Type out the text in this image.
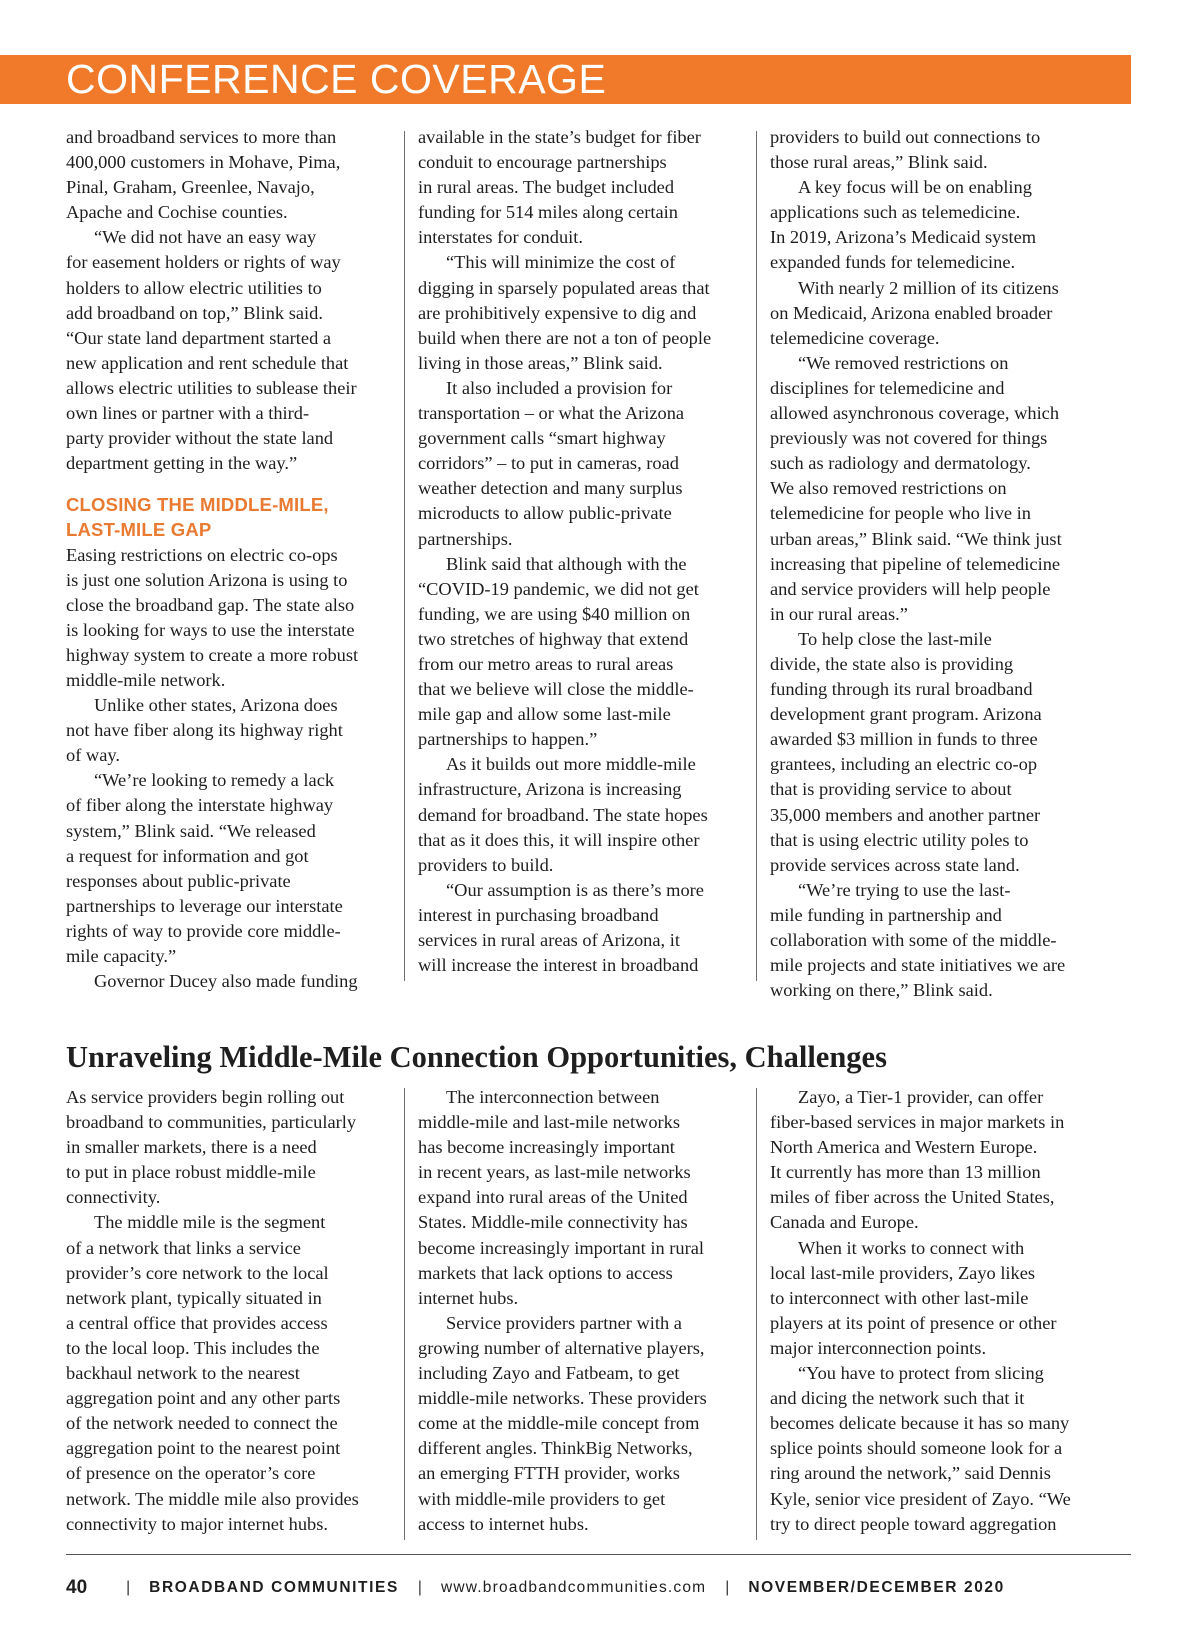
CONFERENCE COVERAGE
and broadband services to more than
400,000 customers in Mohave, Pima,
Pinal, Graham, Greenlee, Navajo,
Apache and Cochise counties.
“We did not have an easy way
for easement holders or rights of way
holders to allow electric utilities to
add broadband on top,” Blink said.
“Our state land department started a
new application and rent schedule that
allows electric utilities to sublease their
own lines or partner with a third-
party provider without the state land
department getting in the way.”
CLOSING THE MIDDLE-MILE,
LAST-MILE GAP
Easing restrictions on electric co-ops
is just one solution Arizona is using to
close the broadband gap. The state also
is looking for ways to use the interstate
highway system to create a more robust
middle-mile network.
Unlike other states, Arizona does
not have fiber along its highway right
of way.
“We’re looking to remedy a lack
of fiber along the interstate highway
system,” Blink said. “We released
a request for information and got
responses about public-private
partnerships to leverage our interstate
rights of way to provide core middle-
mile capacity.”
Governor Ducey also made funding
available in the state’s budget for fiber
conduit to encourage partnerships
in rural areas. The budget included
funding for 514 miles along certain
interstates for conduit.
“This will minimize the cost of
digging in sparsely populated areas that
are prohibitively expensive to dig and
build when there are not a ton of people
living in those areas,” Blink said.
It also included a provision for
transportation – or what the Arizona
government calls “smart highway
corridors” – to put in cameras, road
weather detection and many surplus
microducts to allow public-private
partnerships.
Blink said that although with the
“COVID-19 pandemic, we did not get
funding, we are using $40 million on
two stretches of highway that extend
from our metro areas to rural areas
that we believe will close the middle-
mile gap and allow some last-mile
partnerships to happen.”
As it builds out more middle-mile
infrastructure, Arizona is increasing
demand for broadband. The state hopes
that as it does this, it will inspire other
providers to build.
“Our assumption is as there’s more
interest in purchasing broadband
services in rural areas of Arizona, it
will increase the interest in broadband
providers to build out connections to
those rural areas,” Blink said.
A key focus will be on enabling
applications such as telemedicine.
In 2019, Arizona’s Medicaid system
expanded funds for telemedicine.
With nearly 2 million of its citizens
on Medicaid, Arizona enabled broader
telemedicine coverage.
“We removed restrictions on
disciplines for telemedicine and
allowed asynchronous coverage, which
previously was not covered for things
such as radiology and dermatology.
We also removed restrictions on
telemedicine for people who live in
urban areas,” Blink said. “We think just
increasing that pipeline of telemedicine
and service providers will help people
in our rural areas.”
To help close the last-mile
divide, the state also is providing
funding through its rural broadband
development grant program. Arizona
awarded $3 million in funds to three
grantees, including an electric co-op
that is providing service to about
35,000 members and another partner
that is using electric utility poles to
provide services across state land.
“We’re trying to use the last-
mile funding in partnership and
collaboration with some of the middle-
mile projects and state initiatives we are
working on there,” Blink said.
Unraveling Middle-Mile Connection Opportunities, Challenges
As service providers begin rolling out
broadband to communities, particularly
in smaller markets, there is a need
to put in place robust middle-mile
connectivity.
The middle mile is the segment
of a network that links a service
provider’s core network to the local
network plant, typically situated in
a central office that provides access
to the local loop. This includes the
backhaul network to the nearest
aggregation point and any other parts
of the network needed to connect the
aggregation point to the nearest point
of presence on the operator’s core
network. The middle mile also provides
connectivity to major internet hubs.
The interconnection between
middle-mile and last-mile networks
has become increasingly important
in recent years, as last-mile networks
expand into rural areas of the United
States. Middle-mile connectivity has
become increasingly important in rural
markets that lack options to access
internet hubs.
Service providers partner with a
growing number of alternative players,
including Zayo and Fatbeam, to get
middle-mile networks. These providers
come at the middle-mile concept from
different angles. ThinkBig Networks,
an emerging FTTH provider, works
with middle-mile providers to get
access to internet hubs.
Zayo, a Tier-1 provider, can offer
fiber-based services in major markets in
North America and Western Europe.
It currently has more than 13 million
miles of fiber across the United States,
Canada and Europe.
When it works to connect with
local last-mile providers, Zayo likes
to interconnect with other last-mile
players at its point of presence or other
major interconnection points.
“You have to protect from slicing
and dicing the network such that it
becomes delicate because it has so many
splice points should someone look for a
ring around the network,” said Dennis
Kyle, senior vice president of Zayo. “We
try to direct people toward aggregation
40	| BROADBAND COMMUNITIES | www.broadbandcommunities.com | NOVEMBER/DECEMBER 2020
